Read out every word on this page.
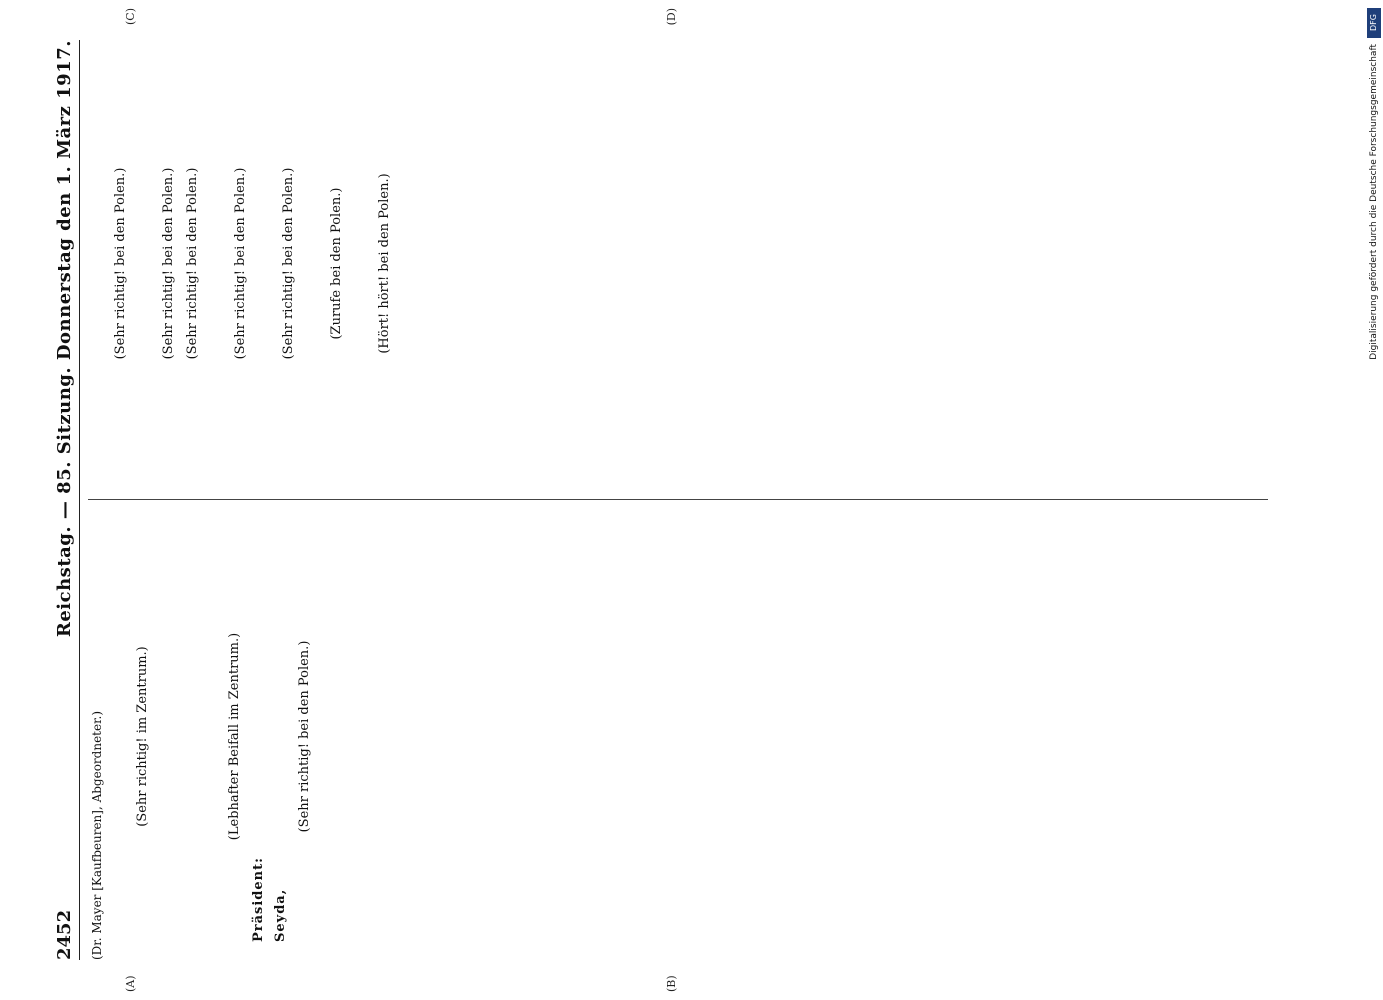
2452
Reichstag. — 85. Sitzung. Donnerstag den 1. März 1917.
(A)	(B)

(Dr. Mayer [Kaufbeuren], Abgeordneter.) (Sehr richtig! im Zentrum.)	(Lebhafter Beifall im Zentrum.)

Präsident: Seyda,

(Sehr richtig! bei den Polen.)

(C)	(D)

(Sehr richtig! bei den Polen.)	(Sehr richtig! bei den Polen.) (Sehr richtig! bei den Polen.)	(Sehr richtig! bei den Polen.)	(Sehr richtig! bei den Polen.)	(Zurufe bei den Polen.)	(Hört! hört! bei den Polen.)

DFG
Digitalisierung gefördert durch die Deutsche Forschungsgemeinschaft
